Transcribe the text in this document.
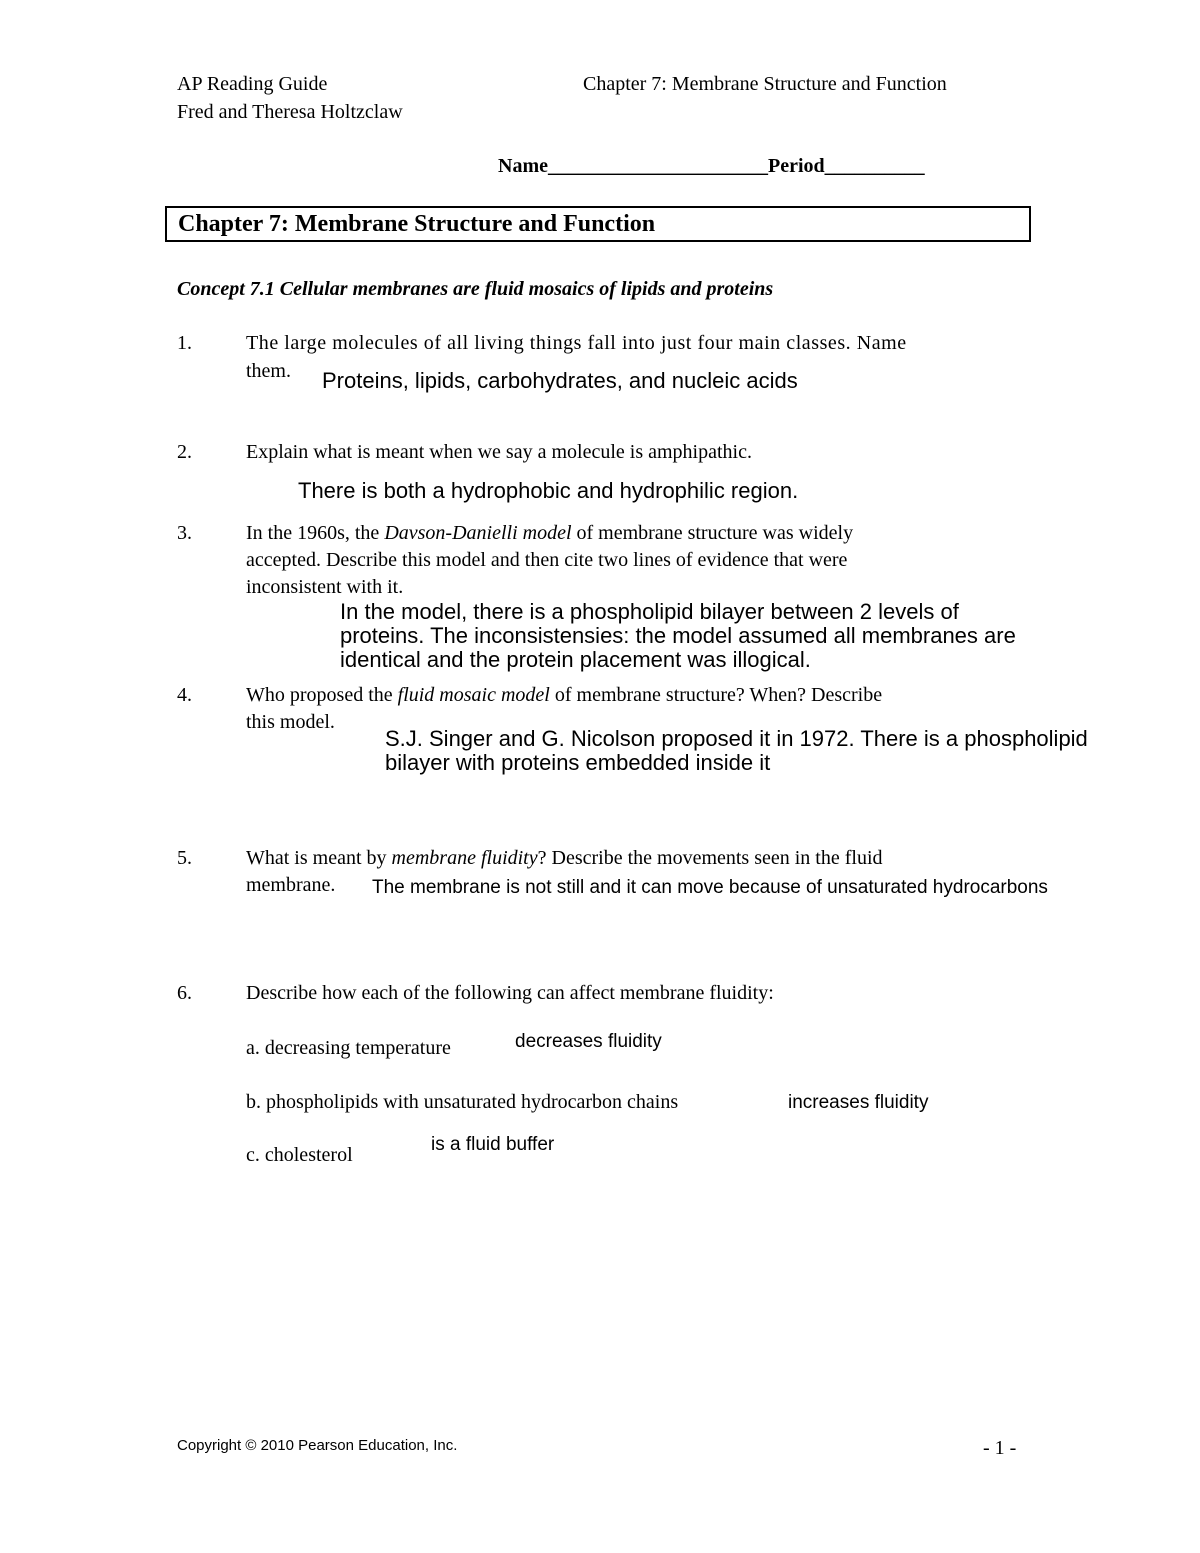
AP Reading Guide
Fred and Theresa Holtzclaw
Chapter 7: Membrane Structure and Function
Name______________________Period__________
Chapter 7: Membrane Structure and Function
Concept 7.1 Cellular membranes are fluid mosaics of lipids and proteins
1.	The large molecules of all living things fall into just four main classes. Name
them. Proteins, lipids, carbohydrates, and nucleic acids
2.	Explain what is meant when we say a molecule is amphipathic.
There is both a hydrophobic and hydrophilic region.
3.	In the 1960s, the Davson-Danielli model of membrane structure was widely
accepted. Describe this model and then cite two lines of evidence that were
inconsistent with it.
In the model, there is a phospholipid bilayer between 2 levels of
proteins. The inconsistensies: the model assumed all membranes are
identical and the protein placement was illogical.
4.	Who proposed the fluid mosaic model of membrane structure? When? Describe
this model.
S.J. Singer and G. Nicolson proposed it in 1972. There is a phospholipid
bilayer with proteins embedded inside it
5.	What is meant by membrane fluidity? Describe the movements seen in the fluid
membrane. The membrane is not still and it can move because of unsaturated hydrocarbons
6.	Describe how each of the following can affect membrane fluidity:
a. decreasing temperature	decreases fluidity
b. phospholipids with unsaturated hydrocarbon chains	increases fluidity
c. cholesterol	is a fluid buffer
Copyright © 2010 Pearson Education, Inc.	- 1 -
